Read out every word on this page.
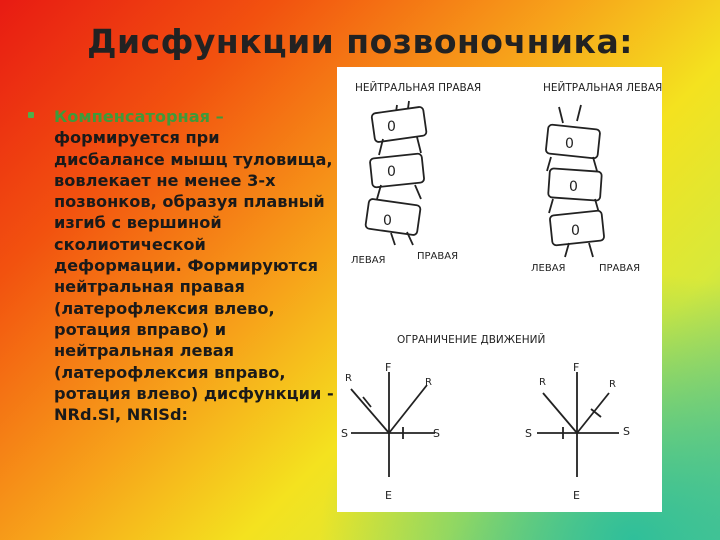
Дисфункции позвоночника:

Компенсаторная – формируется при дисбалансе мышц туловища, вовлекает не менее 3-х позвонков, образуя плавный изгиб с вершиной сколиотической деформации. Формируются нейтральная правая (латерофлексия влево, ротация вправо) и нейтральная левая (латерофлексия вправо, ротация влево) дисфункции - NRd.Sl, NRlSd:

НЕЙТРАЛЬНАЯ ПРАВАЯ	НЕЙТРАЛЬНАЯ ЛЕВАЯ
0
0
0
ЛЕВАЯ	ПРАВАЯ
0
0
0
ЛЕВАЯ	ПРАВАЯ
ОГРАНИЧЕНИЕ ДВИЖЕНИЙ
F
E
S	S
R	R
F
E
S	S
R	R
